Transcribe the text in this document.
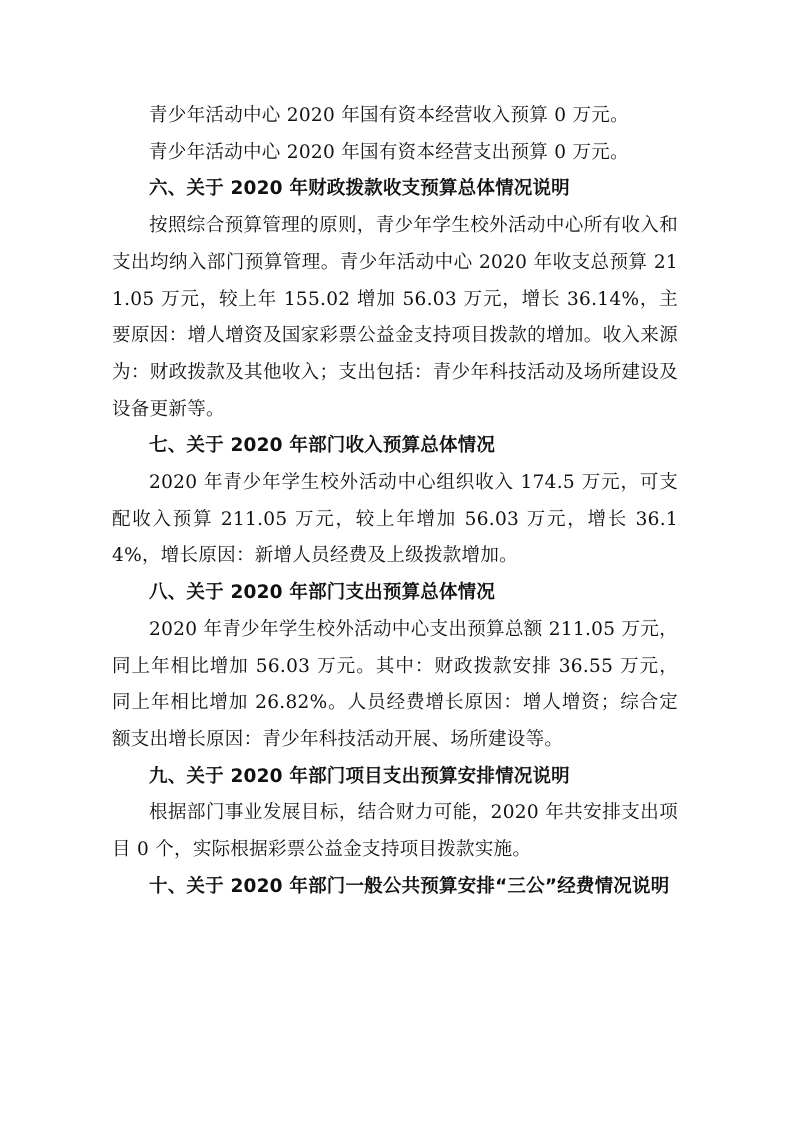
青少年活动中心 2020 年国有资本经营收入预算 0 万元。

青少年活动中心 2020 年国有资本经营支出预算 0 万元。

六、关于 2020 年财政拨款收支预算总体情况说明

按照综合预算管理的原则，青少年学生校外活动中心所有收入和支出均纳入部门预算管理。青少年活动中心 2020 年收支总预算 211.05 万元，较上年 155.02 增加 56.03 万元，增长 36.14%，主要原因：增人增资及国家彩票公益金支持项目拨款的增加。收入来源为：财政拨款及其他收入；支出包括：青少年科技活动及场所建设及设备更新等。

七、关于 2020 年部门收入预算总体情况

2020 年青少年学生校外活动中心组织收入 174.5 万元，可支配收入预算 211.05 万元，较上年增加 56.03 万元，增长 36.14%，增长原因：新增人员经费及上级拨款增加。

八、关于 2020 年部门支出预算总体情况

2020 年青少年学生校外活动中心支出预算总额 211.05 万元，同上年相比增加 56.03 万元。其中：财政拨款安排 36.55 万元，同上年相比增加 26.82%。人员经费增长原因：增人增资；综合定额支出增长原因：青少年科技活动开展、场所建设等。

九、关于 2020 年部门项目支出预算安排情况说明

根据部门事业发展目标，结合财力可能，2020 年共安排支出项目 0 个，实际根据彩票公益金支持项目拨款实施。

十、关于 2020 年部门一般公共预算安排“三公”经费情况说明
